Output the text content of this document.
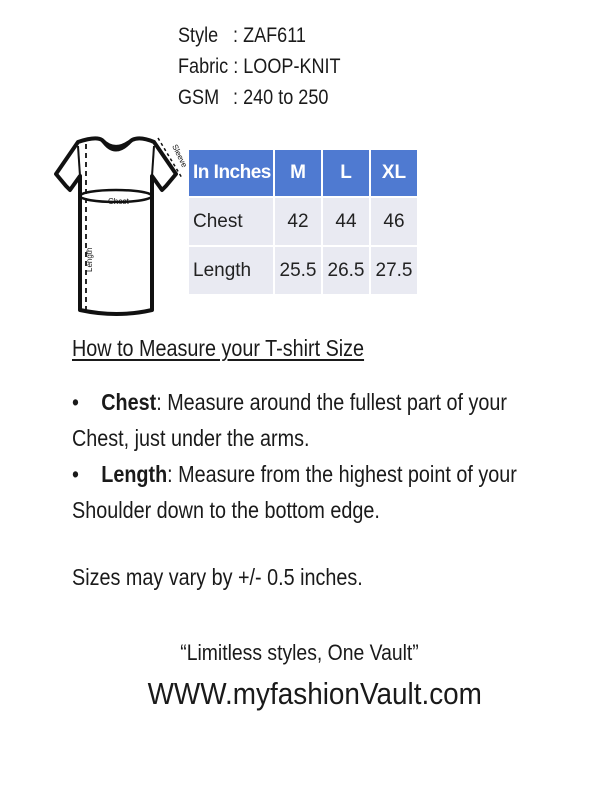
Style : ZAF611
Fabric : LOOP-KNIT
GSM : 240 to 250
Chest
Length
Sleeve
In Inches	M	L	XL
Chest	42	44	46
Length	25.5	26.5	27.5
How to Measure your T-shirt Size
• Chest: Measure around the fullest part of your
Chest, just under the arms.
• Length: Measure from the highest point of your
Shoulder down to the bottom edge.
Sizes may vary by +/- 0.5 inches.
“Limitless styles, One Vault”
WWW.myfashionVault.com
